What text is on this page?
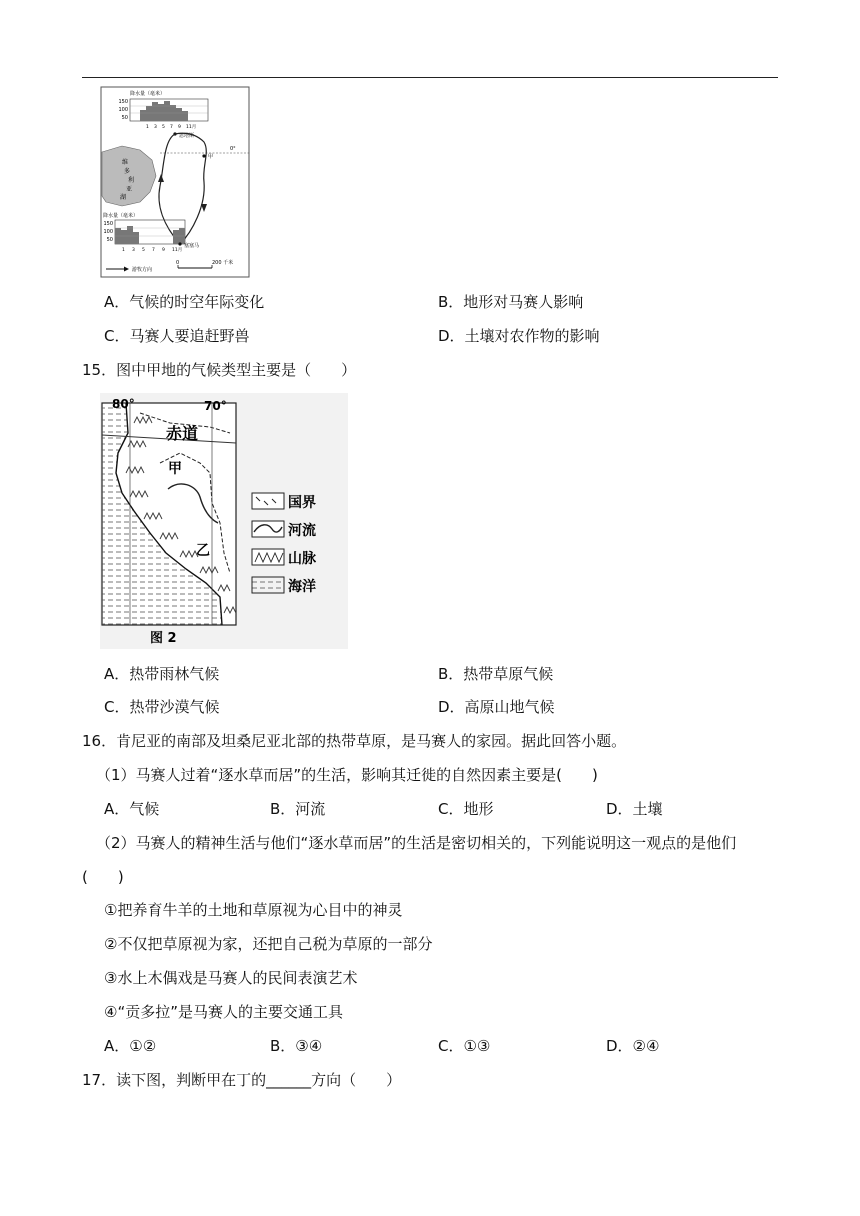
降水量（毫米）
150
100
50
1 3 5 7 9 11月
恩塔斯
维
多
利
亚
湖
0°
甲
降水量（毫米）
150
100
50
1 3 5 7 9 11月
塞塞马
游牧方向
0	200 千米
A．气候的时空年际变化	B．地形对马赛人影响
C．马赛人要追赶野兽	D．土壤对农作物的影响
15．图中甲地的气候类型主要是（　　）
80°	70°
赤道
甲
乙
图 2
国界
河流
山脉
海洋
A．热带雨林气候	B．热带草原气候
C．热带沙漠气候	D．高原山地气候
16．肯尼亚的南部及坦桑尼亚北部的热带草原，是马赛人的家园。据此回答小题。
（1）马赛人过着“逐水草而居”的生活，影响其迁徙的自然因素主要是(　　)
A．气候	B．河流	C．地形	D．土壤
（2）马赛人的精神生活与他们“逐水草而居”的生活是密切相关的，下列能说明这一观点的是他们
(　　)
①把养育牛羊的土地和草原视为心目中的神灵
②不仅把草原视为家，还把自己税为草原的一部分
③水上木偶戏是马赛人的民间表演艺术
④“贡多拉”是马赛人的主要交通工具
A．①②	B．③④	C．①③	D．②④
17．读下图，判断甲在丁的______方向（　　）
